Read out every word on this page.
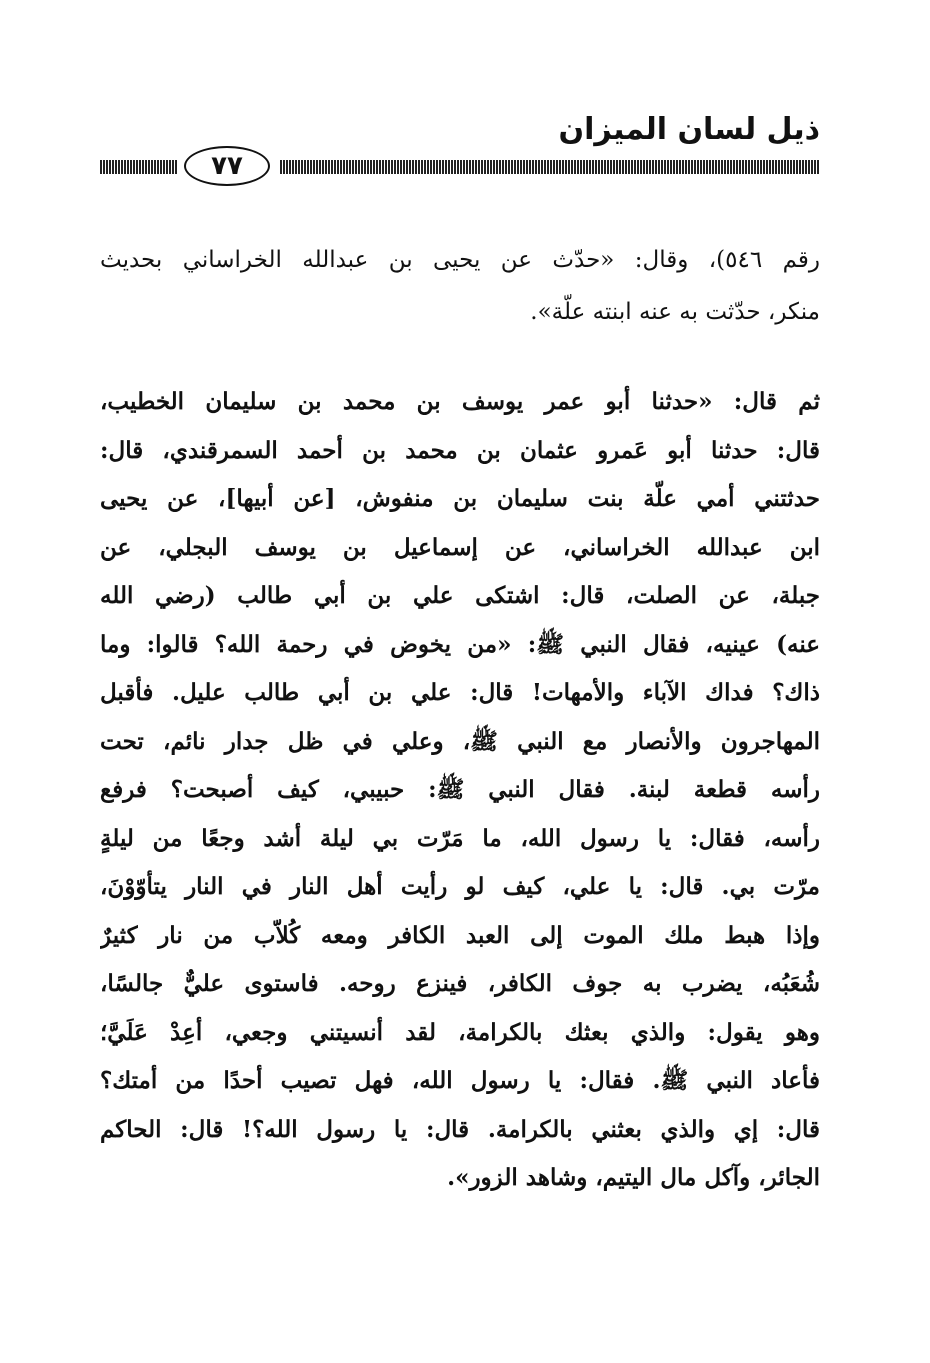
ذيل لسان الميزان
٧٧
رقم ٥٤٦)، وقال: «حدّث عن يحيى بن عبدالله الخراساني بحديث
منكر، حدّثت به عنه ابنته علّة».
ثم قال: «حدثنا أبو عمر يوسف بن محمد بن سليمان الخطيب،
قال: حدثنا أبو عَمرو عثمان بن محمد بن أحمد السمرقندي، قال:
حدثتني أمي علّة بنت سليمان بن منفوش، [عن أبيها]، عن يحيى
ابن عبدالله الخراساني، عن إسماعيل بن يوسف البجلي، عن
جبلة، عن الصلت، قال: اشتكى علي بن أبي طالب (رضي الله
عنه) عينيه، فقال النبي ﷺ: «من يخوض في رحمة الله؟ قالوا: وما
ذاك؟ فداك الآباء والأمهات! قال: علي بن أبي طالب عليل. فأقبل
المهاجرون والأنصار مع النبي ﷺ، وعلي في ظل جدار نائم، تحت
رأسه قطعة لبنة. فقال النبي ﷺ: حبيبي، كيف أصبحت؟ فرفع
رأسه، فقال: يا رسول الله، ما مَرّت بي ليلة أشد وجعًا من ليلةٍ
مرّت بي. قال: يا علي، كيف لو رأيت أهل النار في النار يتأوّوْنَ،
وإذا هبط ملك الموت إلى العبد الكافر ومعه كُلاّب من نار كثيرٌ
شُعَبُه، يضرب به جوف الكافر، فينزع روحه. فاستوى عليٌّ جالسًا،
وهو يقول: والذي بعثك بالكرامة، لقد أنسيتني وجعي، أعِدْ عَلَيَّ؛
فأعاد النبي ﷺ. فقال: يا رسول الله، فهل تصيب أحدًا من أمتك؟
قال: إي والذي بعثني بالكرامة. قال: يا رسول الله؟! قال: الحاكم
الجائر، وآكل مال اليتيم، وشاهد الزور».
